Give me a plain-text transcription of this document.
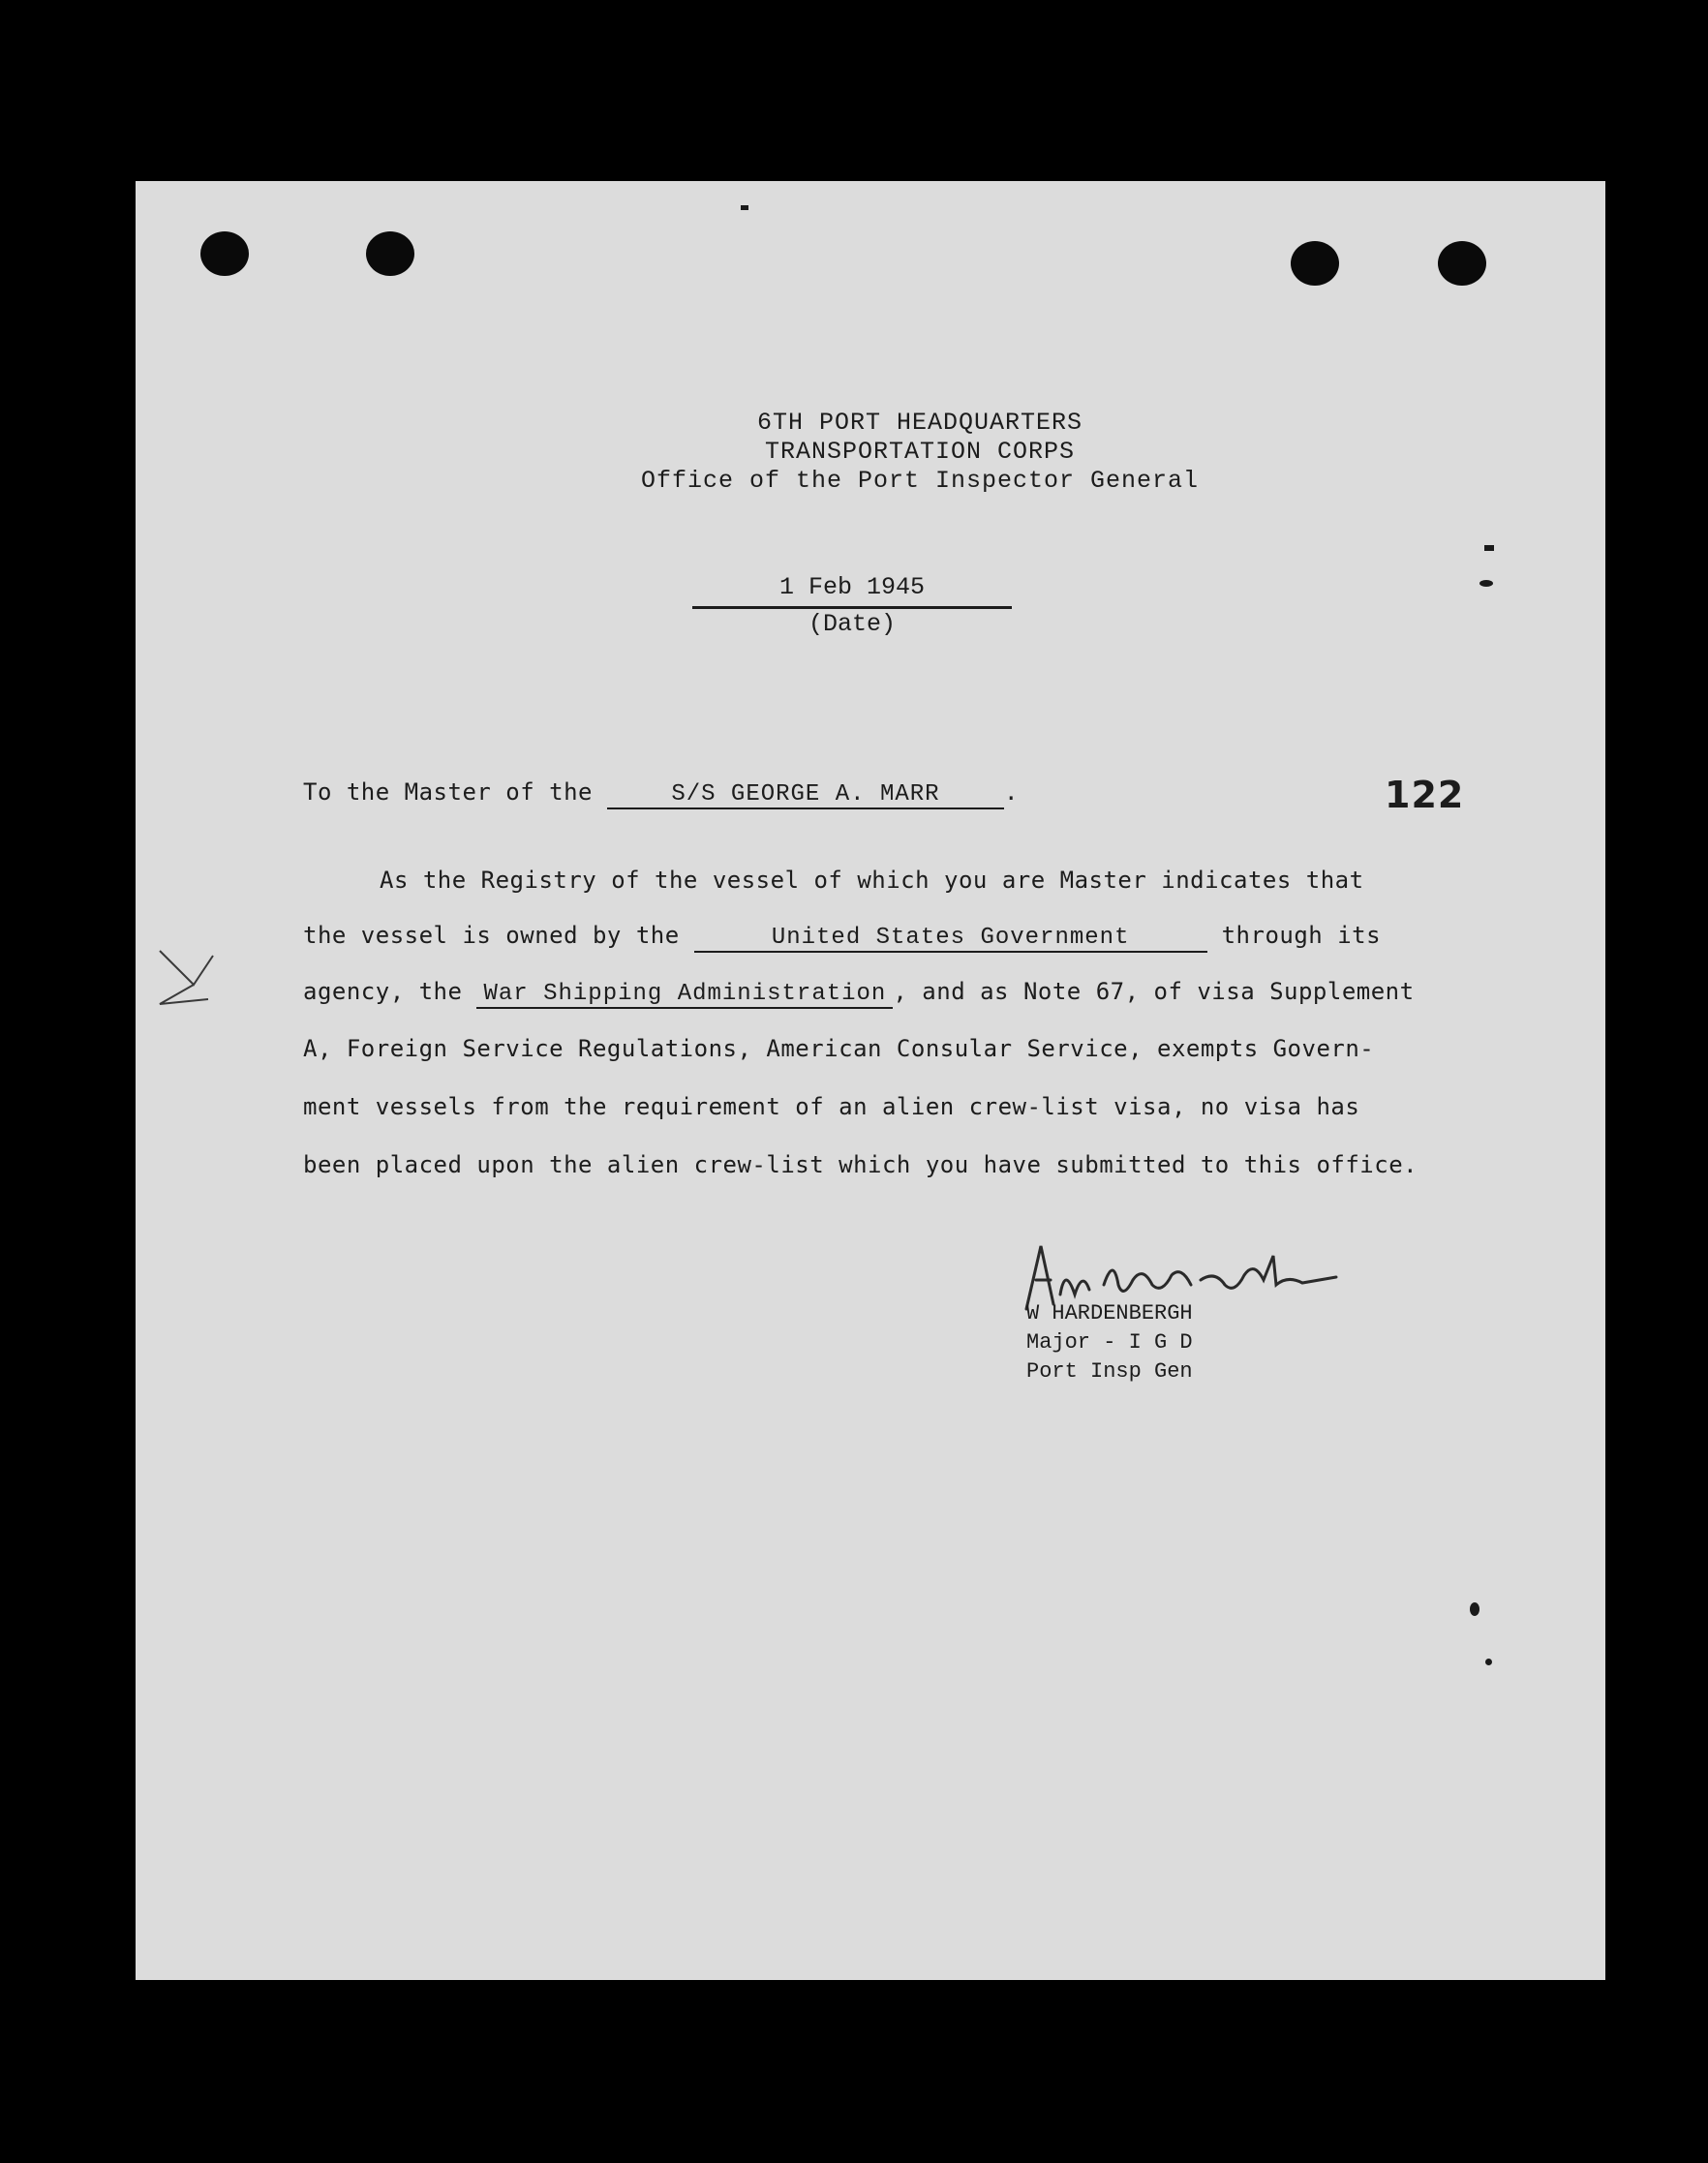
6TH PORT HEADQUARTERS
TRANSPORTATION CORPS
Office of the Port Inspector General
1 Feb 1945
(Date)
122
To the Master of the	S/S GEORGE A. MARR	.
As the Registry of the vessel of which you are Master indicates that
the vessel is owned by the	United States Government	through its
agency, the War Shipping Administration , and as Note 67, of visa Supplement
A, Foreign Service Regulations, American Consular Service, exempts Govern-
ment vessels from the requirement of an alien crew-list visa, no visa has
been placed upon the alien crew-list which you have submitted to this office.
W HARDENBERGH
Major - I G D
Port Insp Gen
